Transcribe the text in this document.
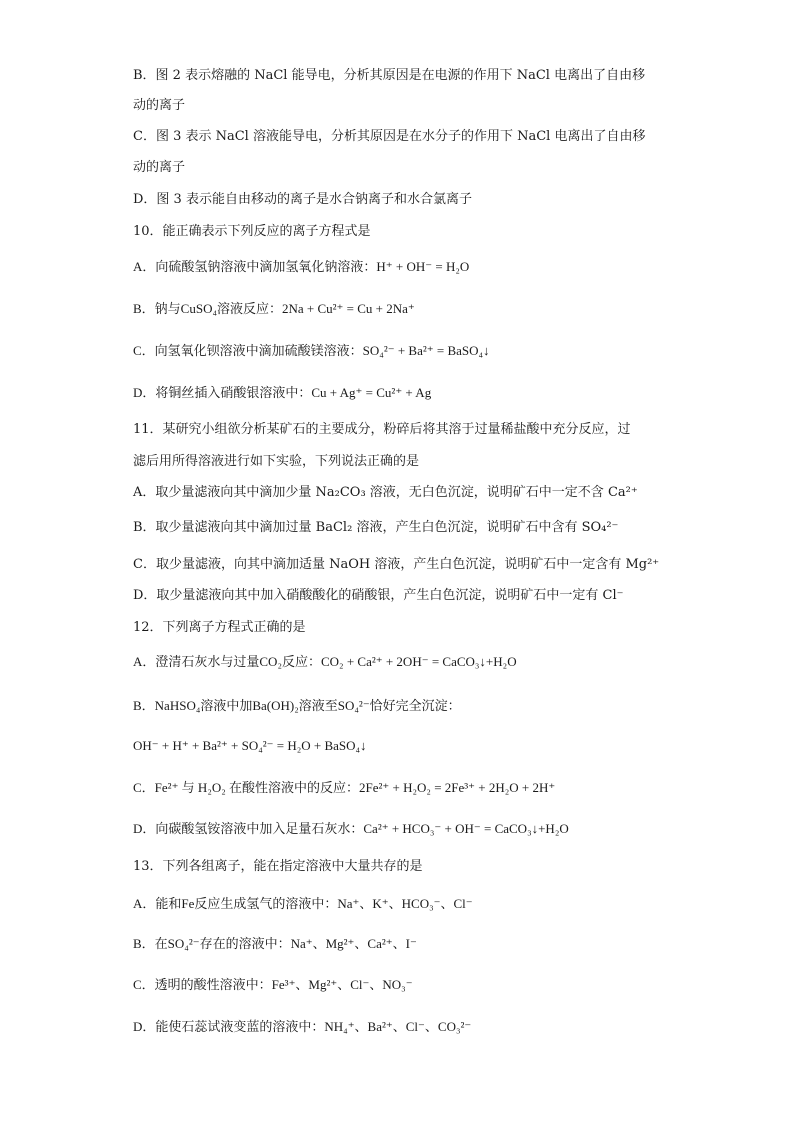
B．图 2 表示熔融的 NaCl 能导电，分析其原因是在电源的作用下 NaCl 电离出了自由移
动的离子
C．图 3 表示 NaCl 溶液能导电，分析其原因是在水分子的作用下 NaCl 电离出了自由移
动的离子
D．图 3 表示能自由移动的离子是水合钠离子和水合氯离子
10．能正确表示下列反应的离子方程式是
A．向硫酸氢钠溶液中滴加氢氧化钠溶液：H⁺ + OH⁻ = H₂O
B．钠与CuSO₄溶液反应：2Na + Cu²⁺ = Cu + 2Na⁺
C．向氢氧化钡溶液中滴加硫酸镁溶液：SO₄²⁻ + Ba²⁺ = BaSO₄↓
D．将铜丝插入硝酸银溶液中：Cu + Ag⁺ = Cu²⁺ + Ag
11．某研究小组欲分析某矿石的主要成分，粉碎后将其溶于过量稀盐酸中充分反应，过
滤后用所得溶液进行如下实验，下列说法正确的是
A．取少量滤液向其中滴加少量 Na₂CO₃ 溶液，无白色沉淀，说明矿石中一定不含 Ca²⁺
B．取少量滤液向其中滴加过量 BaCl₂ 溶液，产生白色沉淀，说明矿石中含有 SO₄²⁻
C．取少量滤液，向其中滴加适量 NaOH 溶液，产生白色沉淀，说明矿石中一定含有 Mg²⁺
D．取少量滤液向其中加入硝酸酸化的硝酸银，产生白色沉淀，说明矿石中一定有 Cl⁻
12．下列离子方程式正确的是
A．澄清石灰水与过量CO₂反应：CO₂ + Ca²⁺ + 2OH⁻ = CaCO₃↓+H₂O
B．NaHSO₄溶液中加Ba(OH)₂溶液至SO₄²⁻恰好完全沉淀：
OH⁻ + H⁺ + Ba²⁺ + SO₄²⁻ = H₂O + BaSO₄↓
C．Fe²⁺ 与 H₂O₂ 在酸性溶液中的反应：2Fe²⁺ + H₂O₂ = 2Fe³⁺ + 2H₂O + 2H⁺
D．向碳酸氢铵溶液中加入足量石灰水：Ca²⁺ + HCO₃⁻ + OH⁻ = CaCO₃↓+H₂O
13．下列各组离子，能在指定溶液中大量共存的是
A．能和Fe反应生成氢气的溶液中：Na⁺、K⁺、HCO₃⁻、Cl⁻
B．在SO₄²⁻存在的溶液中：Na⁺、Mg²⁺、Ca²⁺、I⁻
C．透明的酸性溶液中：Fe³⁺、Mg²⁺、Cl⁻、NO₃⁻
D．能使石蕊试液变蓝的溶液中：NH₄⁺、Ba²⁺、Cl⁻、CO₃²⁻
